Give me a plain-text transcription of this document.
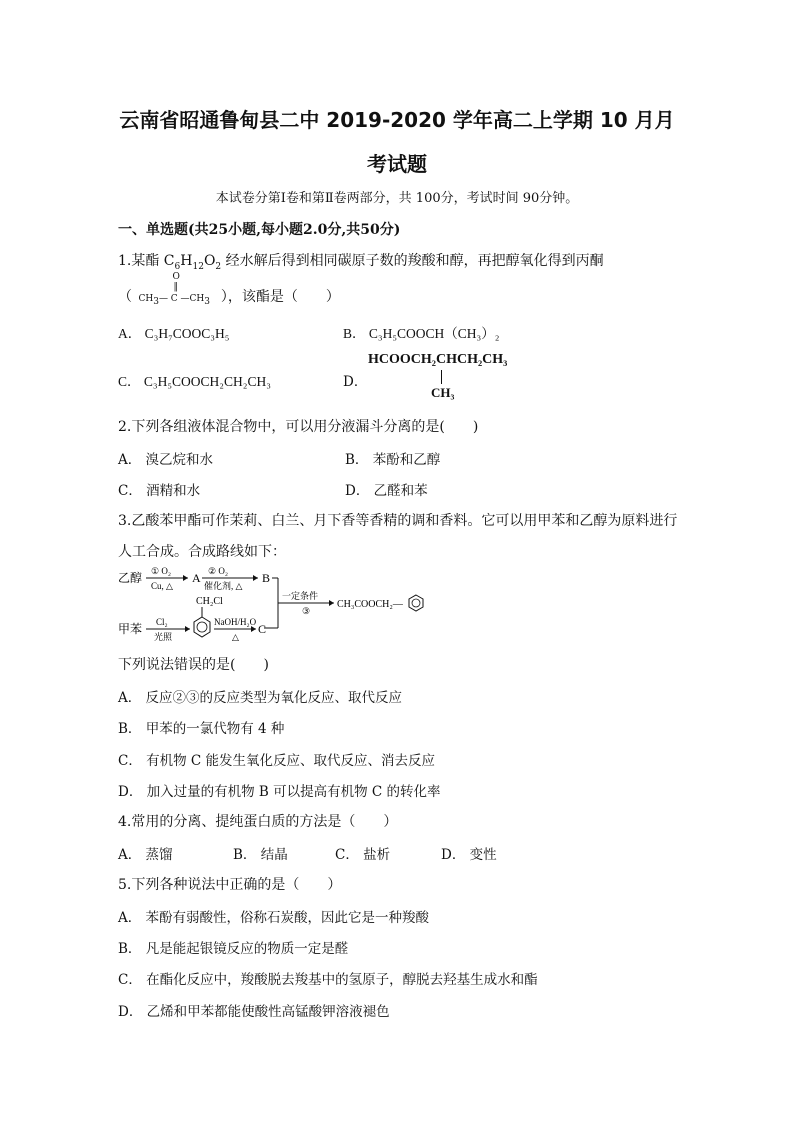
云南省昭通鲁甸县二中 2019-2020 学年高二上学期 10 月月
考试题
本试卷分第Ⅰ卷和第Ⅱ卷两部分，共 100分，考试时间 90分钟。
一、单选题(共25小题,每小题2.0分,共50分)
1.某酯 $C_6H_{12}O_2$ 经水解后得到相同碳原子数的羧酸和醇，再把醇氧化得到丙酮
（
O
‖
$CH_3—$ C $—CH_3$ ），该酯是（　　）
A． C₃H₇COOC₃H₅	B． C₃H₅COOCH（CH₃）₂
C． C₃H₅COOCH₂CH₂CH₃	D．
HCOOCH₂CHCH₂CH₃
CH₃
2.下列各组液体混合物中，可以用分液漏斗分离的是(　　)
A． 溴乙烷和水	B． 苯酚和乙醇
C． 酒精和水	D． 乙醛和苯
3.乙酸苯甲酯可作茉莉、白兰、月下香等香精的调和香料。它可以用甲苯和乙醇为原料进行
人工合成。合成路线如下：
乙醇 ① O₂
Cu, △
A ② O₂
催化剂, △
B
一定条件
③
CH₃COOCH₂—
甲苯 Cl₂
光照
CH₂Cl
NaOH/H₂O
△
C
下列说法错误的是(　　)
A． 反应②③的反应类型为氧化反应、取代反应
B． 甲苯的一氯代物有 4 种
C． 有机物 C 能发生氧化反应、取代反应、消去反应
D． 加入过量的有机物 B 可以提高有机物 C 的转化率
4.常用的分离、提纯蛋白质的方法是（　　）
A． 蒸馏	B． 结晶	C． 盐析	D． 变性
5.下列各种说法中正确的是（　　）
A． 苯酚有弱酸性，俗称石炭酸，因此它是一种羧酸
B． 凡是能起银镜反应的物质一定是醛
C． 在酯化反应中，羧酸脱去羧基中的氢原子，醇脱去羟基生成水和酯
D． 乙烯和甲苯都能使酸性高锰酸钾溶液褪色
